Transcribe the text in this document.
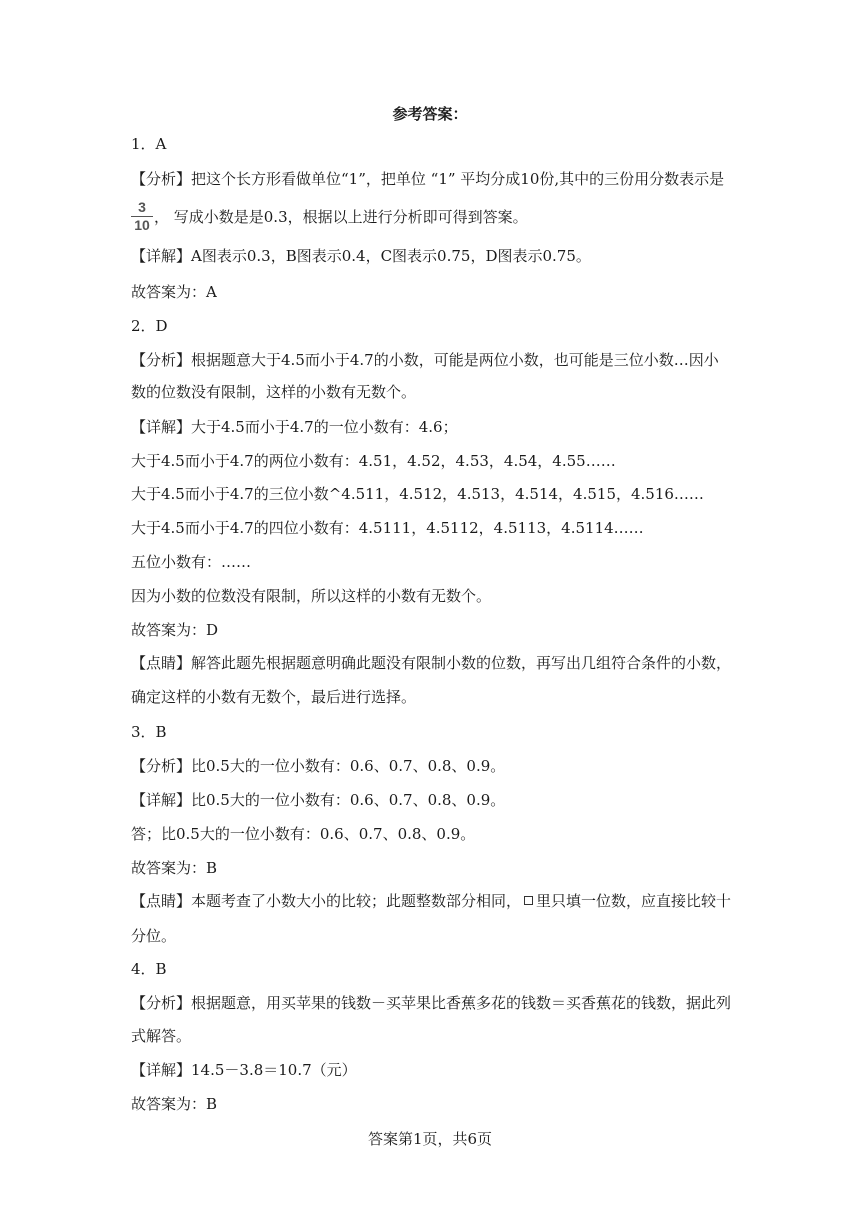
参考答案：
1．A
【分析】把这个长方形看做单位“1”，把单位 “1” 平均分成10份,其中的三份用分数表示是
3
10 ， 写成小数是是0.3，根据以上进行分析即可得到答案。
【详解】A图表示0.3，B图表示0.4，C图表示0.75，D图表示0.75。
故答案为：A
2．D
【分析】根据题意大于4.5而小于4.7的小数，可能是两位小数，也可能是三位小数…因小
数的位数没有限制，这样的小数有无数个。
【详解】大于4.5而小于4.7的一位小数有：4.6；
大于4.5而小于4.7的两位小数有：4.51，4.52，4.53，4.54，4.55……
大于4.5而小于4.7的三位小数^4.511，4.512，4.513，4.514，4.515，4.516……
大于4.5而小于4.7的四位小数有：4.5111，4.5112，4.5113，4.5114……
五位小数有：……
因为小数的位数没有限制，所以这样的小数有无数个。
故答案为：D
【点睛】解答此题先根据题意明确此题没有限制小数的位数，再写出几组符合条件的小数，
确定这样的小数有无数个，最后进行选择。
3．B
【分析】比0.5大的一位小数有：0.6、0.7、0.8、0.9。
【详解】比0.5大的一位小数有：0.6、0.7、0.8、0.9。
答；比0.5大的一位小数有：0.6、0.7、0.8、0.9。
故答案为：B
【点睛】本题考查了小数大小的比较；此题整数部分相同， 里只填一位数，应直接比较十
分位。
4．B
【分析】根据题意，用买苹果的钱数－买苹果比香蕉多花的钱数＝买香蕉花的钱数，据此列
式解答。
【详解】14.5－3.8＝10.7（元）
故答案为：B
答案第1页，共6页
